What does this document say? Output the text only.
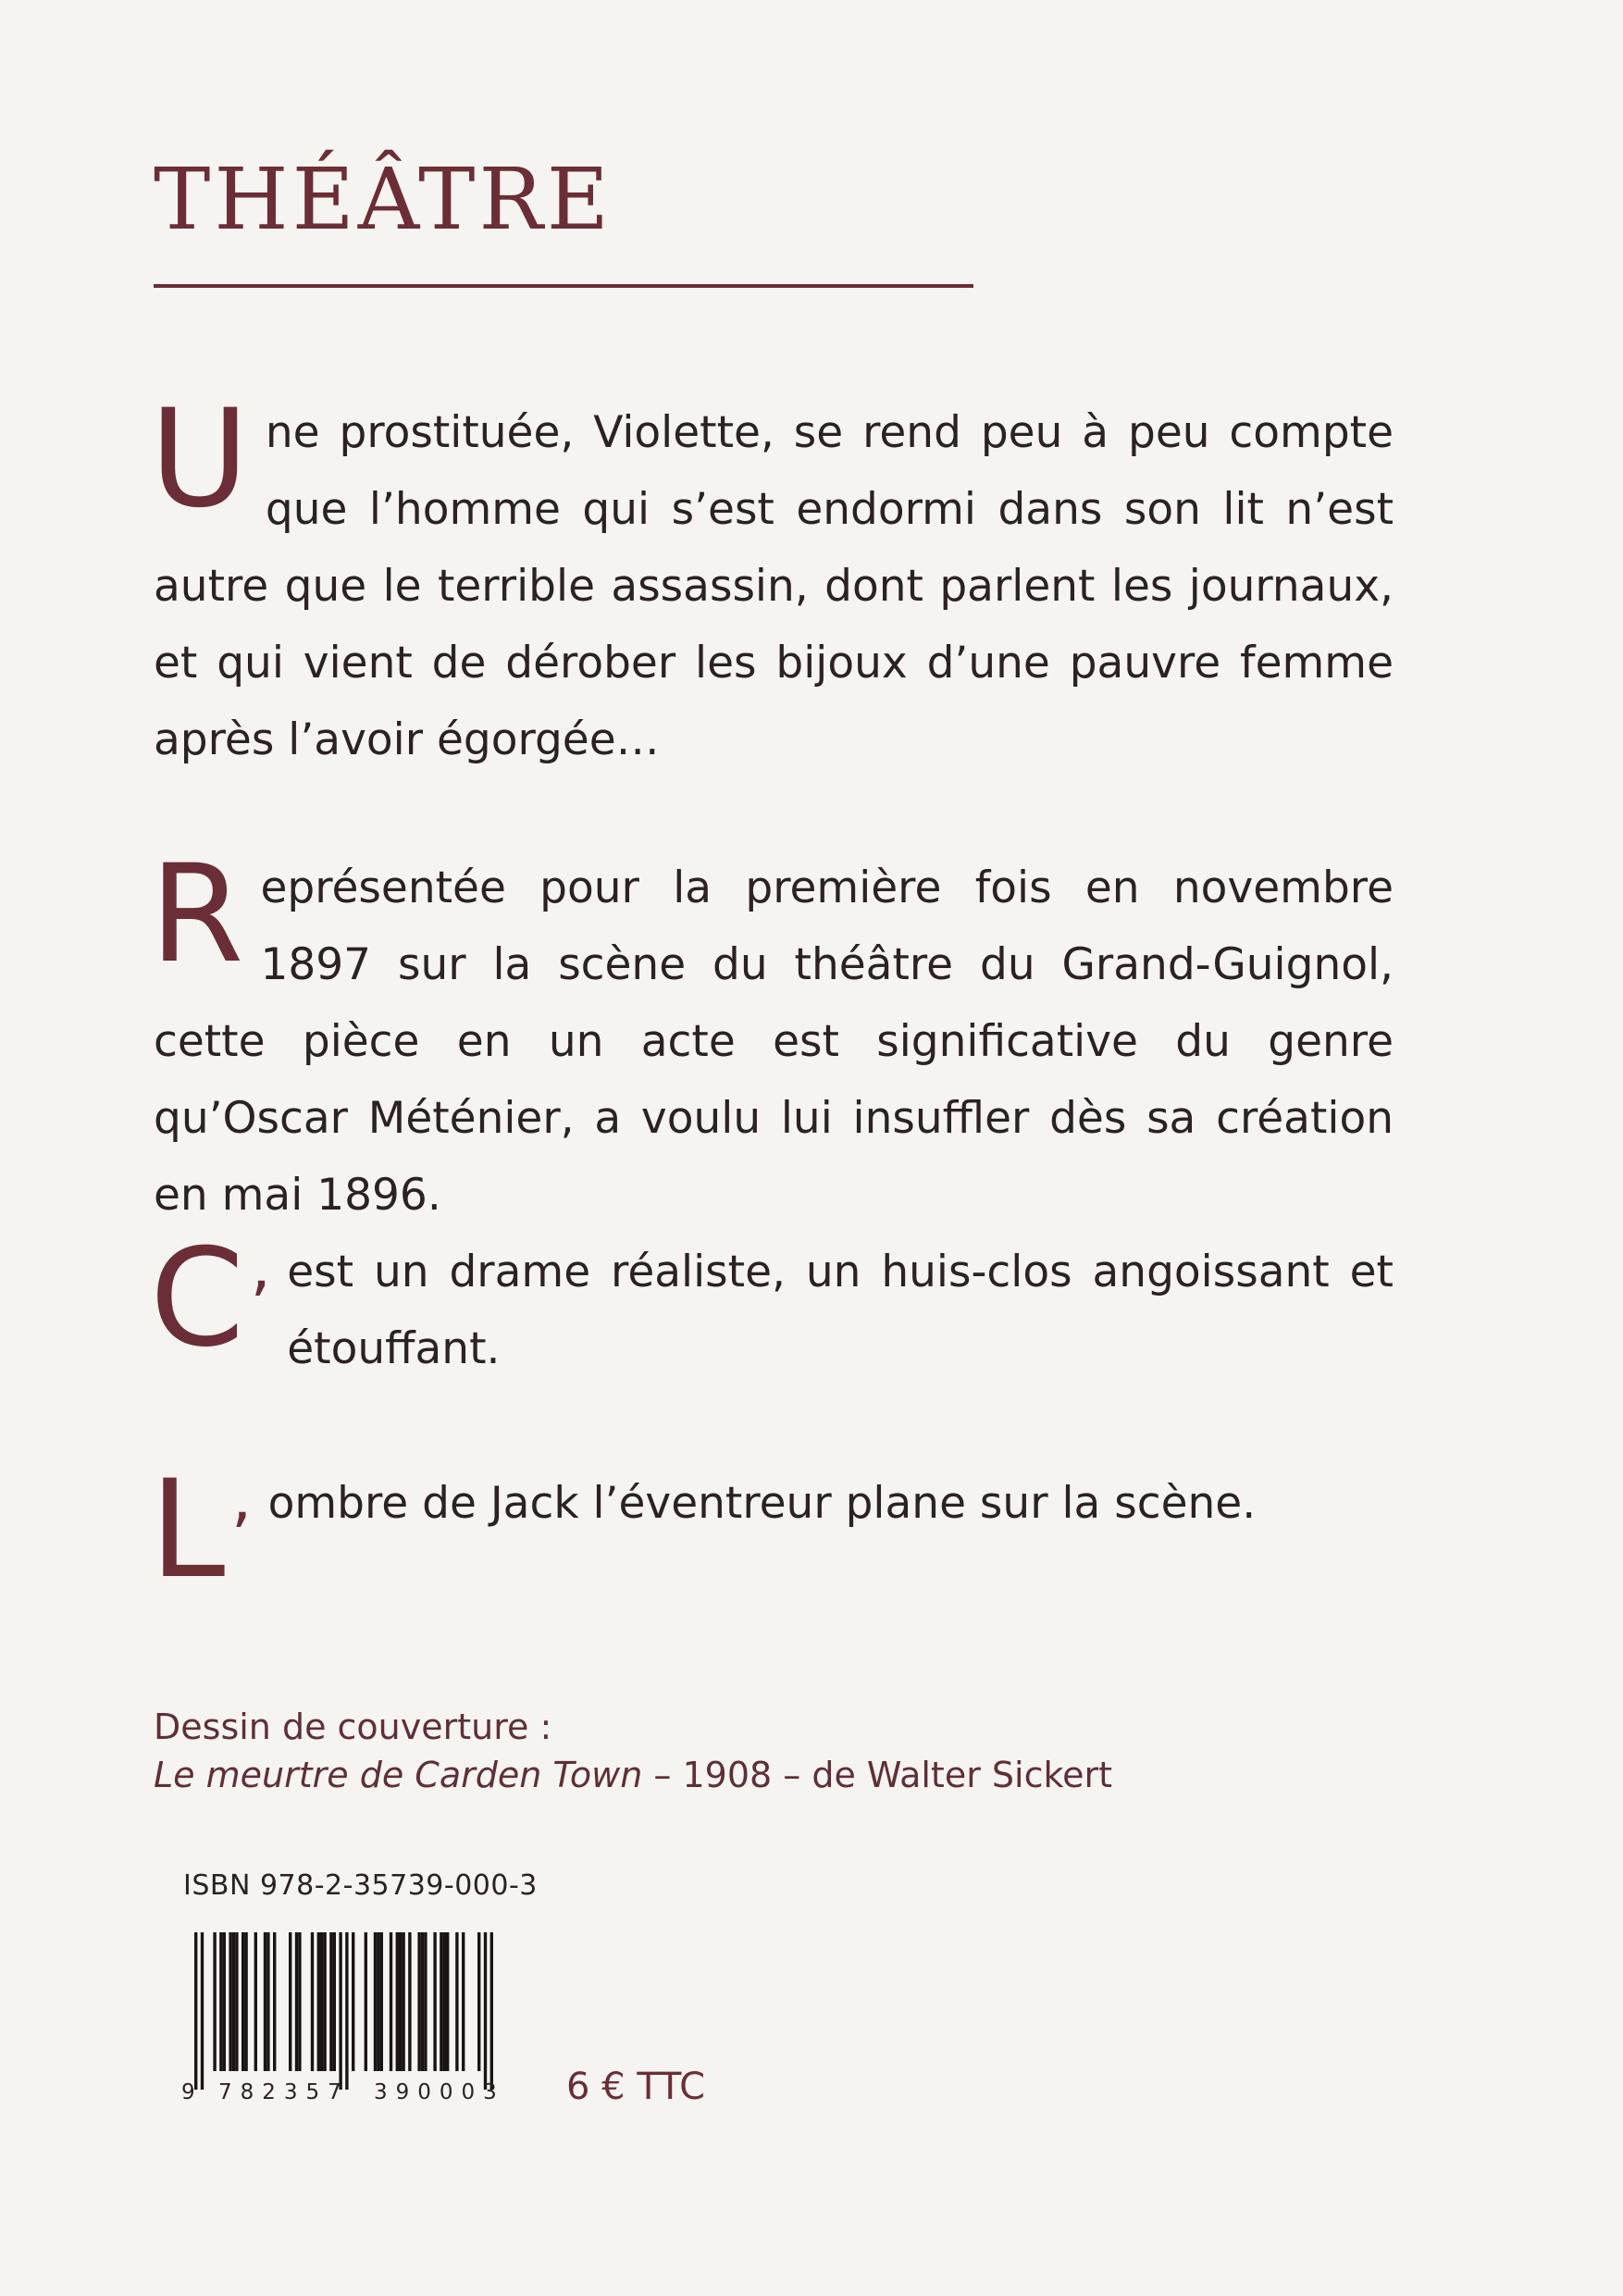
THÉÂTRE
Une prostituée, Violette, se rend peu à peu compte que l’homme qui s’est endormi dans son lit n’est autre que le terrible assassin, dont parlent les journaux, et qui vient de dérober les bijoux d’une pauvre femme après l’avoir égorgée…
Représentée pour la première fois en novembre 1897 sur la scène du théâtre du Grand-Guignol, cette pièce en un acte est significative du genre qu’Oscar Méténier, a voulu lui insuffler dès sa création en mai 1896.
C’ est un drame réaliste, un huis-clos angoissant et étouffant.
L’ ombre de Jack l’éventreur plane sur la scène.
Dessin de couverture :
Le meurtre de Carden Town – 1908 – de Walter Sickert
ISBN 978-2-35739-000-3
9 782357 390003 6 € TTC
